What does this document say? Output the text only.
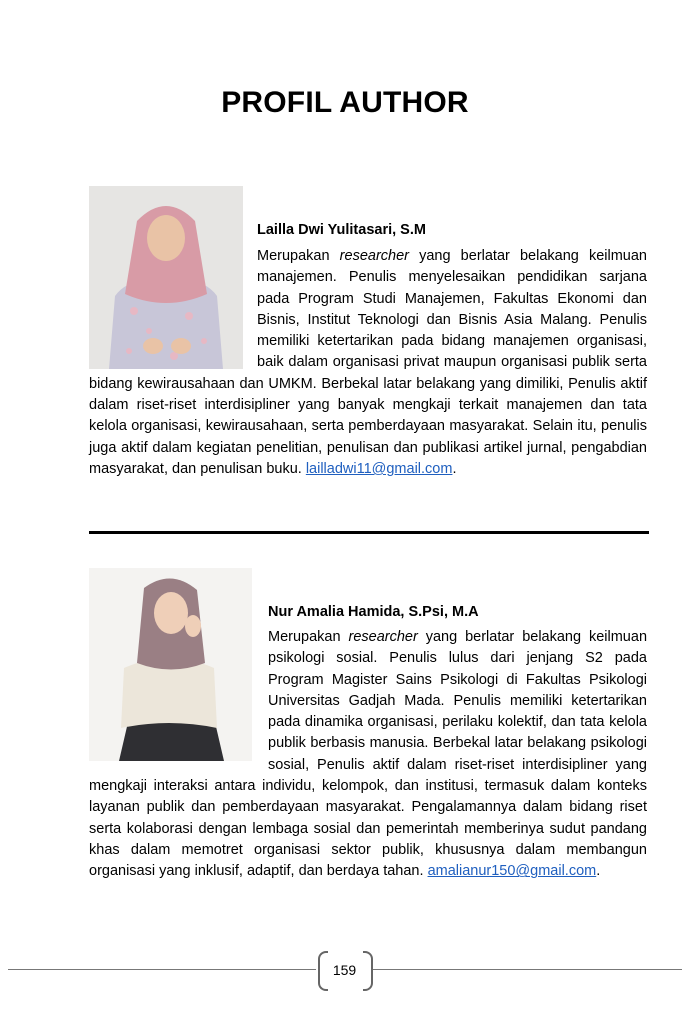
PROFIL AUTHOR

Lailla Dwi Yulitasari, S.M

Merupakan researcher yang berlatar belakang keilmuan manajemen. Penulis menyelesaikan pendidikan sarjana pada Program Studi Manajemen, Fakultas Ekonomi dan Bisnis, Institut Teknologi dan Bisnis Asia Malang. Penulis memiliki ketertarikan pada bidang manajemen organisasi, baik dalam organisasi privat maupun organisasi publik serta bidang kewirausahaan dan UMKM. Berbekal latar belakang yang dimiliki, Penulis aktif dalam riset-riset interdisipliner yang banyak mengkaji terkait manajemen dan tata kelola organisasi, kewirausahaan, serta pemberdayaan masyarakat. Selain itu, penulis juga aktif dalam kegiatan penelitian, penulisan dan publikasi artikel jurnal, pengabdian masyarakat, dan penulisan buku. lailladwi11@gmail.com.

Nur Amalia Hamida, S.Psi, M.A

Merupakan researcher yang berlatar belakang keilmuan psikologi sosial. Penulis lulus dari jenjang S2 pada Program Magister Sains Psikologi di Fakultas Psikologi Universitas Gadjah Mada. Penulis memiliki ketertarikan pada dinamika organisasi, perilaku kolektif, dan tata kelola publik berbasis manusia. Berbekal latar belakang psikologi sosial, Penulis aktif dalam riset-riset interdisipliner yang mengkaji interaksi antara individu, kelompok, dan institusi, termasuk dalam konteks layanan publik dan pemberdayaan masyarakat. Pengalamannya dalam bidang riset serta kolaborasi dengan lembaga sosial dan pemerintah memberinya sudut pandang khas dalam memotret organisasi sektor publik, khususnya dalam membangun organisasi yang inklusif, adaptif, dan berdaya tahan. amalianur150@gmail.com.

159
